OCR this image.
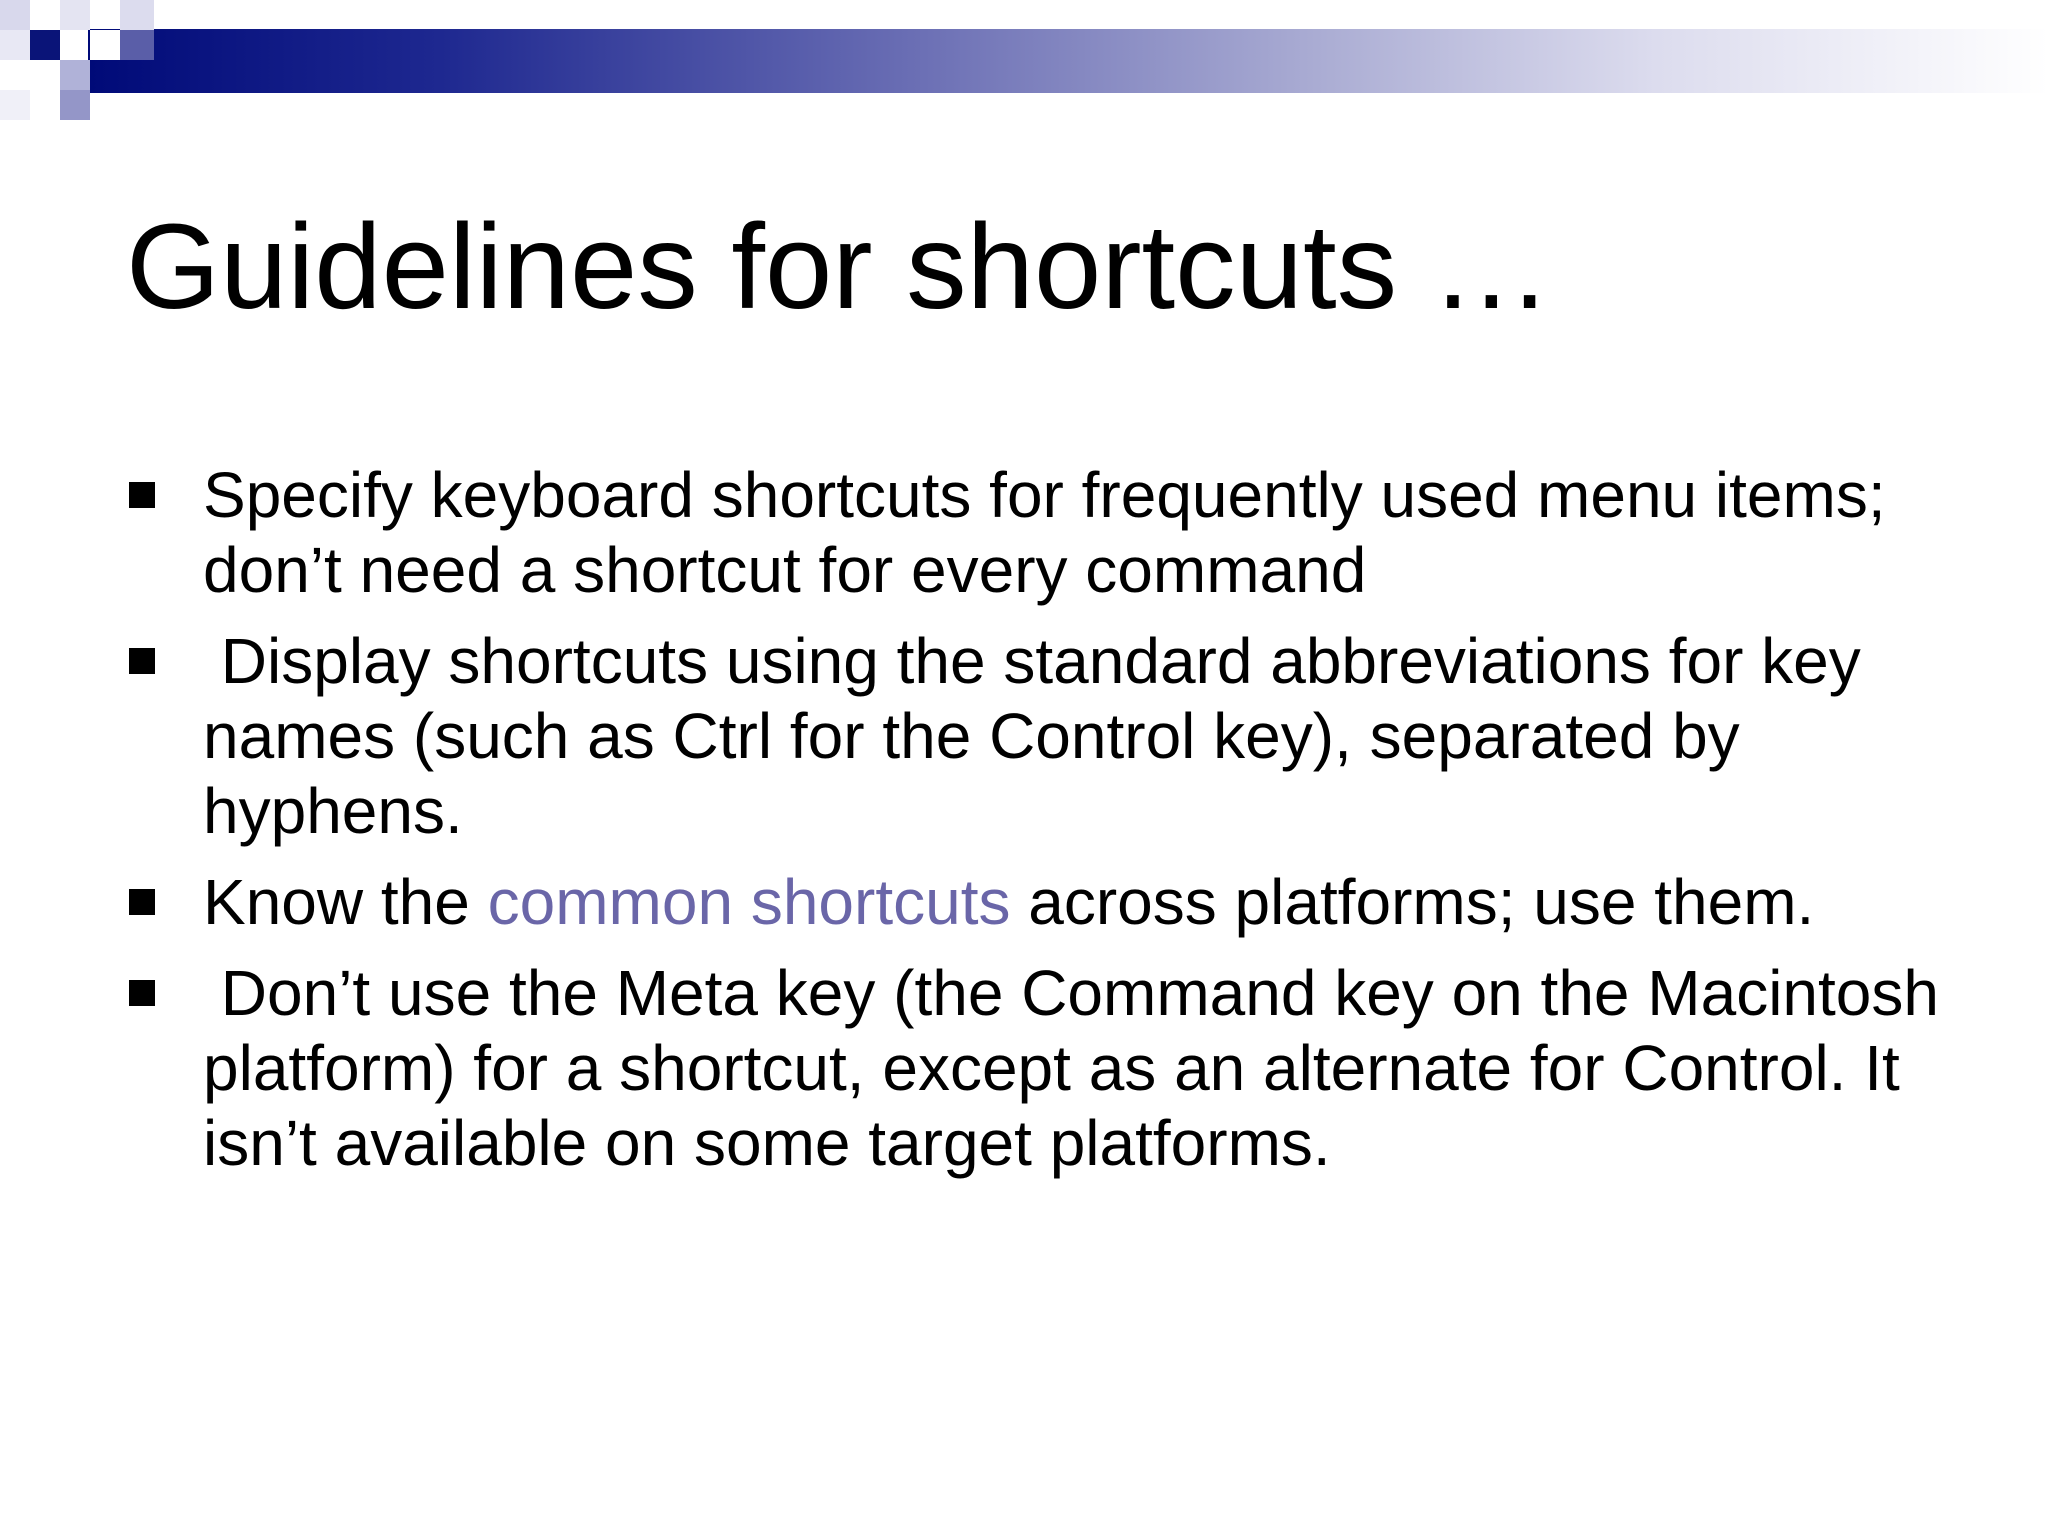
Guidelines for shortcuts …
Specify keyboard shortcuts for frequently used menu items; don’t need a shortcut for every command
Display shortcuts using the standard abbreviations for key names (such as Ctrl for the Control key), separated by hyphens.
Know the common shortcuts across platforms; use them.
Don’t use the Meta key (the Command key on the Macintosh platform) for a shortcut, except as an alternate for Control. It isn’t available on some target platforms.
